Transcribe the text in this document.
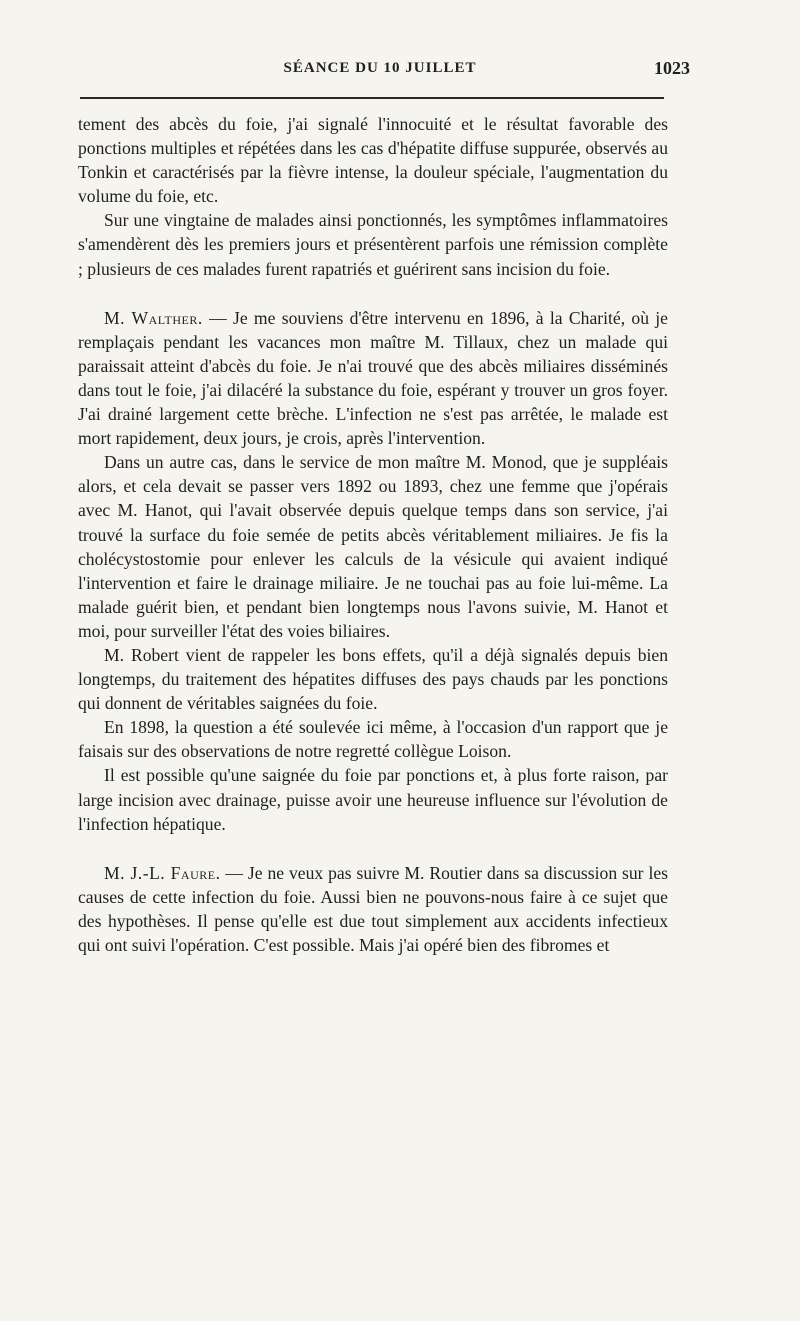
SÉANCE DU 10 JUILLET	1023

tement des abcès du foie, j'ai signalé l'innocuité et le résultat favorable des ponctions multiples et répétées dans les cas d'hépatite diffuse suppurée, observés au Tonkin et caractérisés par la fièvre intense, la douleur spéciale, l'augmentation du volume du foie, etc.

Sur une vingtaine de malades ainsi ponctionnés, les symptômes inflammatoires s'amendèrent dès les premiers jours et présentèrent parfois une rémission complète ; plusieurs de ces malades furent rapatriés et guérirent sans incision du foie.

M. Walther. — Je me souviens d'être intervenu en 1896, à la Charité, où je remplaçais pendant les vacances mon maître M. Tillaux, chez un malade qui paraissait atteint d'abcès du foie. Je n'ai trouvé que des abcès miliaires disséminés dans tout le foie, j'ai dilacéré la substance du foie, espérant y trouver un gros foyer. J'ai drainé largement cette brèche. L'infection ne s'est pas arrêtée, le malade est mort rapidement, deux jours, je crois, après l'intervention.

Dans un autre cas, dans le service de mon maître M. Monod, que je suppléais alors, et cela devait se passer vers 1892 ou 1893, chez une femme que j'opérais avec M. Hanot, qui l'avait observée depuis quelque temps dans son service, j'ai trouvé la surface du foie semée de petits abcès véritablement miliaires. Je fis la cholécystostomie pour enlever les calculs de la vésicule qui avaient indiqué l'intervention et faire le drainage miliaire. Je ne touchai pas au foie lui-même. La malade guérit bien, et pendant bien longtemps nous l'avons suivie, M. Hanot et moi, pour surveiller l'état des voies biliaires.

M. Robert vient de rappeler les bons effets, qu'il a déjà signalés depuis bien longtemps, du traitement des hépatites diffuses des pays chauds par les ponctions qui donnent de véritables saignées du foie.

En 1898, la question a été soulevée ici même, à l'occasion d'un rapport que je faisais sur des observations de notre regretté collègue Loison.

Il est possible qu'une saignée du foie par ponctions et, à plus forte raison, par large incision avec drainage, puisse avoir une heureuse influence sur l'évolution de l'infection hépatique.

M. J.-L. Faure. — Je ne veux pas suivre M. Routier dans sa discussion sur les causes de cette infection du foie. Aussi bien ne pouvons-nous faire à ce sujet que des hypothèses. Il pense qu'elle est due tout simplement aux accidents infectieux qui ont suivi l'opération. C'est possible. Mais j'ai opéré bien des fibromes et
